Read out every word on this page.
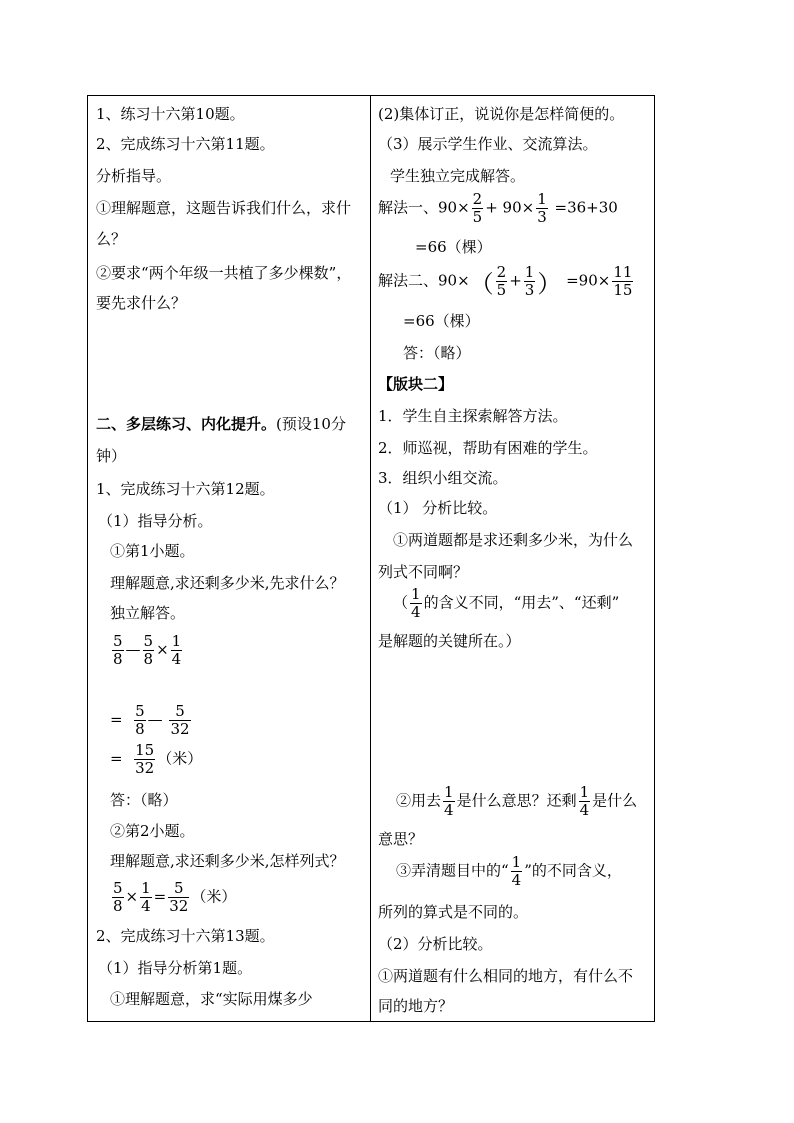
1、练习十六第10题。
2、完成练习十六第11题。
分析指导。
①理解题意，这题告诉我们什么，求什
么？
②要求“两个年级一共植了多少棵数”，
要先求什么？
二、多层练习、内化提升。(预设10分
钟）
1、完成练习十六第12题。
（1）指导分析。
①第1小题。
理解题意,求还剩多少米,先求什么？
独立解答。
$\frac{5}{8}$ — $\frac{5}{8} \times \frac{1}{4}$
= $\frac{5}{8}$ — $\frac{5}{32}$
= $\frac{15}{32}$ （米）
答：（略）
②第2小题。
理解题意,求还剩多少米,怎样列式？
$\frac{5}{8} \times \frac{1}{4} = \frac{5}{32}$ （米）
2、完成练习十六第13题。
（1）指导分析第1题。
①理解题意，求“实际用煤多少
(2)集体订正，说说你是怎样简便的。
（3）展示学生作业、交流算法。
学生独立完成解答。
解法一、$90\times \frac{2}{5} + 90\times \frac{1}{3} =36+30$
=66（棵）
解法二、$90\times( \frac{2}{5} + \frac{1}{3}$ ） $=90\times \frac{11}{15}$
=66（棵）
答：（略）
【版块二】
1．学生自主探索解答方法。
2．师巡视，帮助有困难的学生。
3．组织小组交流。
（1） 分析比较。
①两道题都是求还剩多少米，为什么
列式不同啊？
（ $\frac{1}{4}$ 的含义不同，“用去”、“还剩”
是解题的关键所在。）
②用去 $\frac{1}{4}$ 是什么意思？还剩 $\frac{1}{4}$ 是什么
意思？
③弄清题目中的“ $\frac{1}{4}$ ”的不同含义，
所列的算式是不同的。
（2）分析比较。
①两道题有什么相同的地方，有什么不
同的地方？
